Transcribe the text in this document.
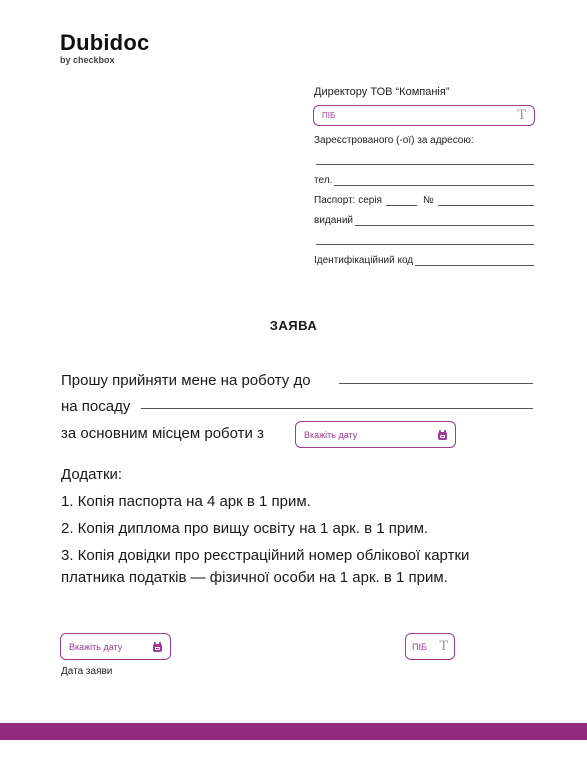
Dubidoc
by checkbox
Директору ТОВ “Компанія”
ПІБ	T
Зареєстрованого (-ої) за адресою:
тел.
Паспорт: серія	№
виданий
Ідентифікаційний код
ЗАЯВА
Прошу прийняти мене на роботу до
на посаду
за основним місцем роботи з	Вкажіть дату
Додатки:
1. Копія паспорта на 4 арк в 1 прим.
2. Копія диплома про вищу освіту на 1 арк. в 1 прим.
3. Копія довідки про реєстраційний номер облікової картки
платника податків — фізичної особи на 1 арк. в 1 прим.
Вкажіть дату
Дата заяви
ПІБ T
